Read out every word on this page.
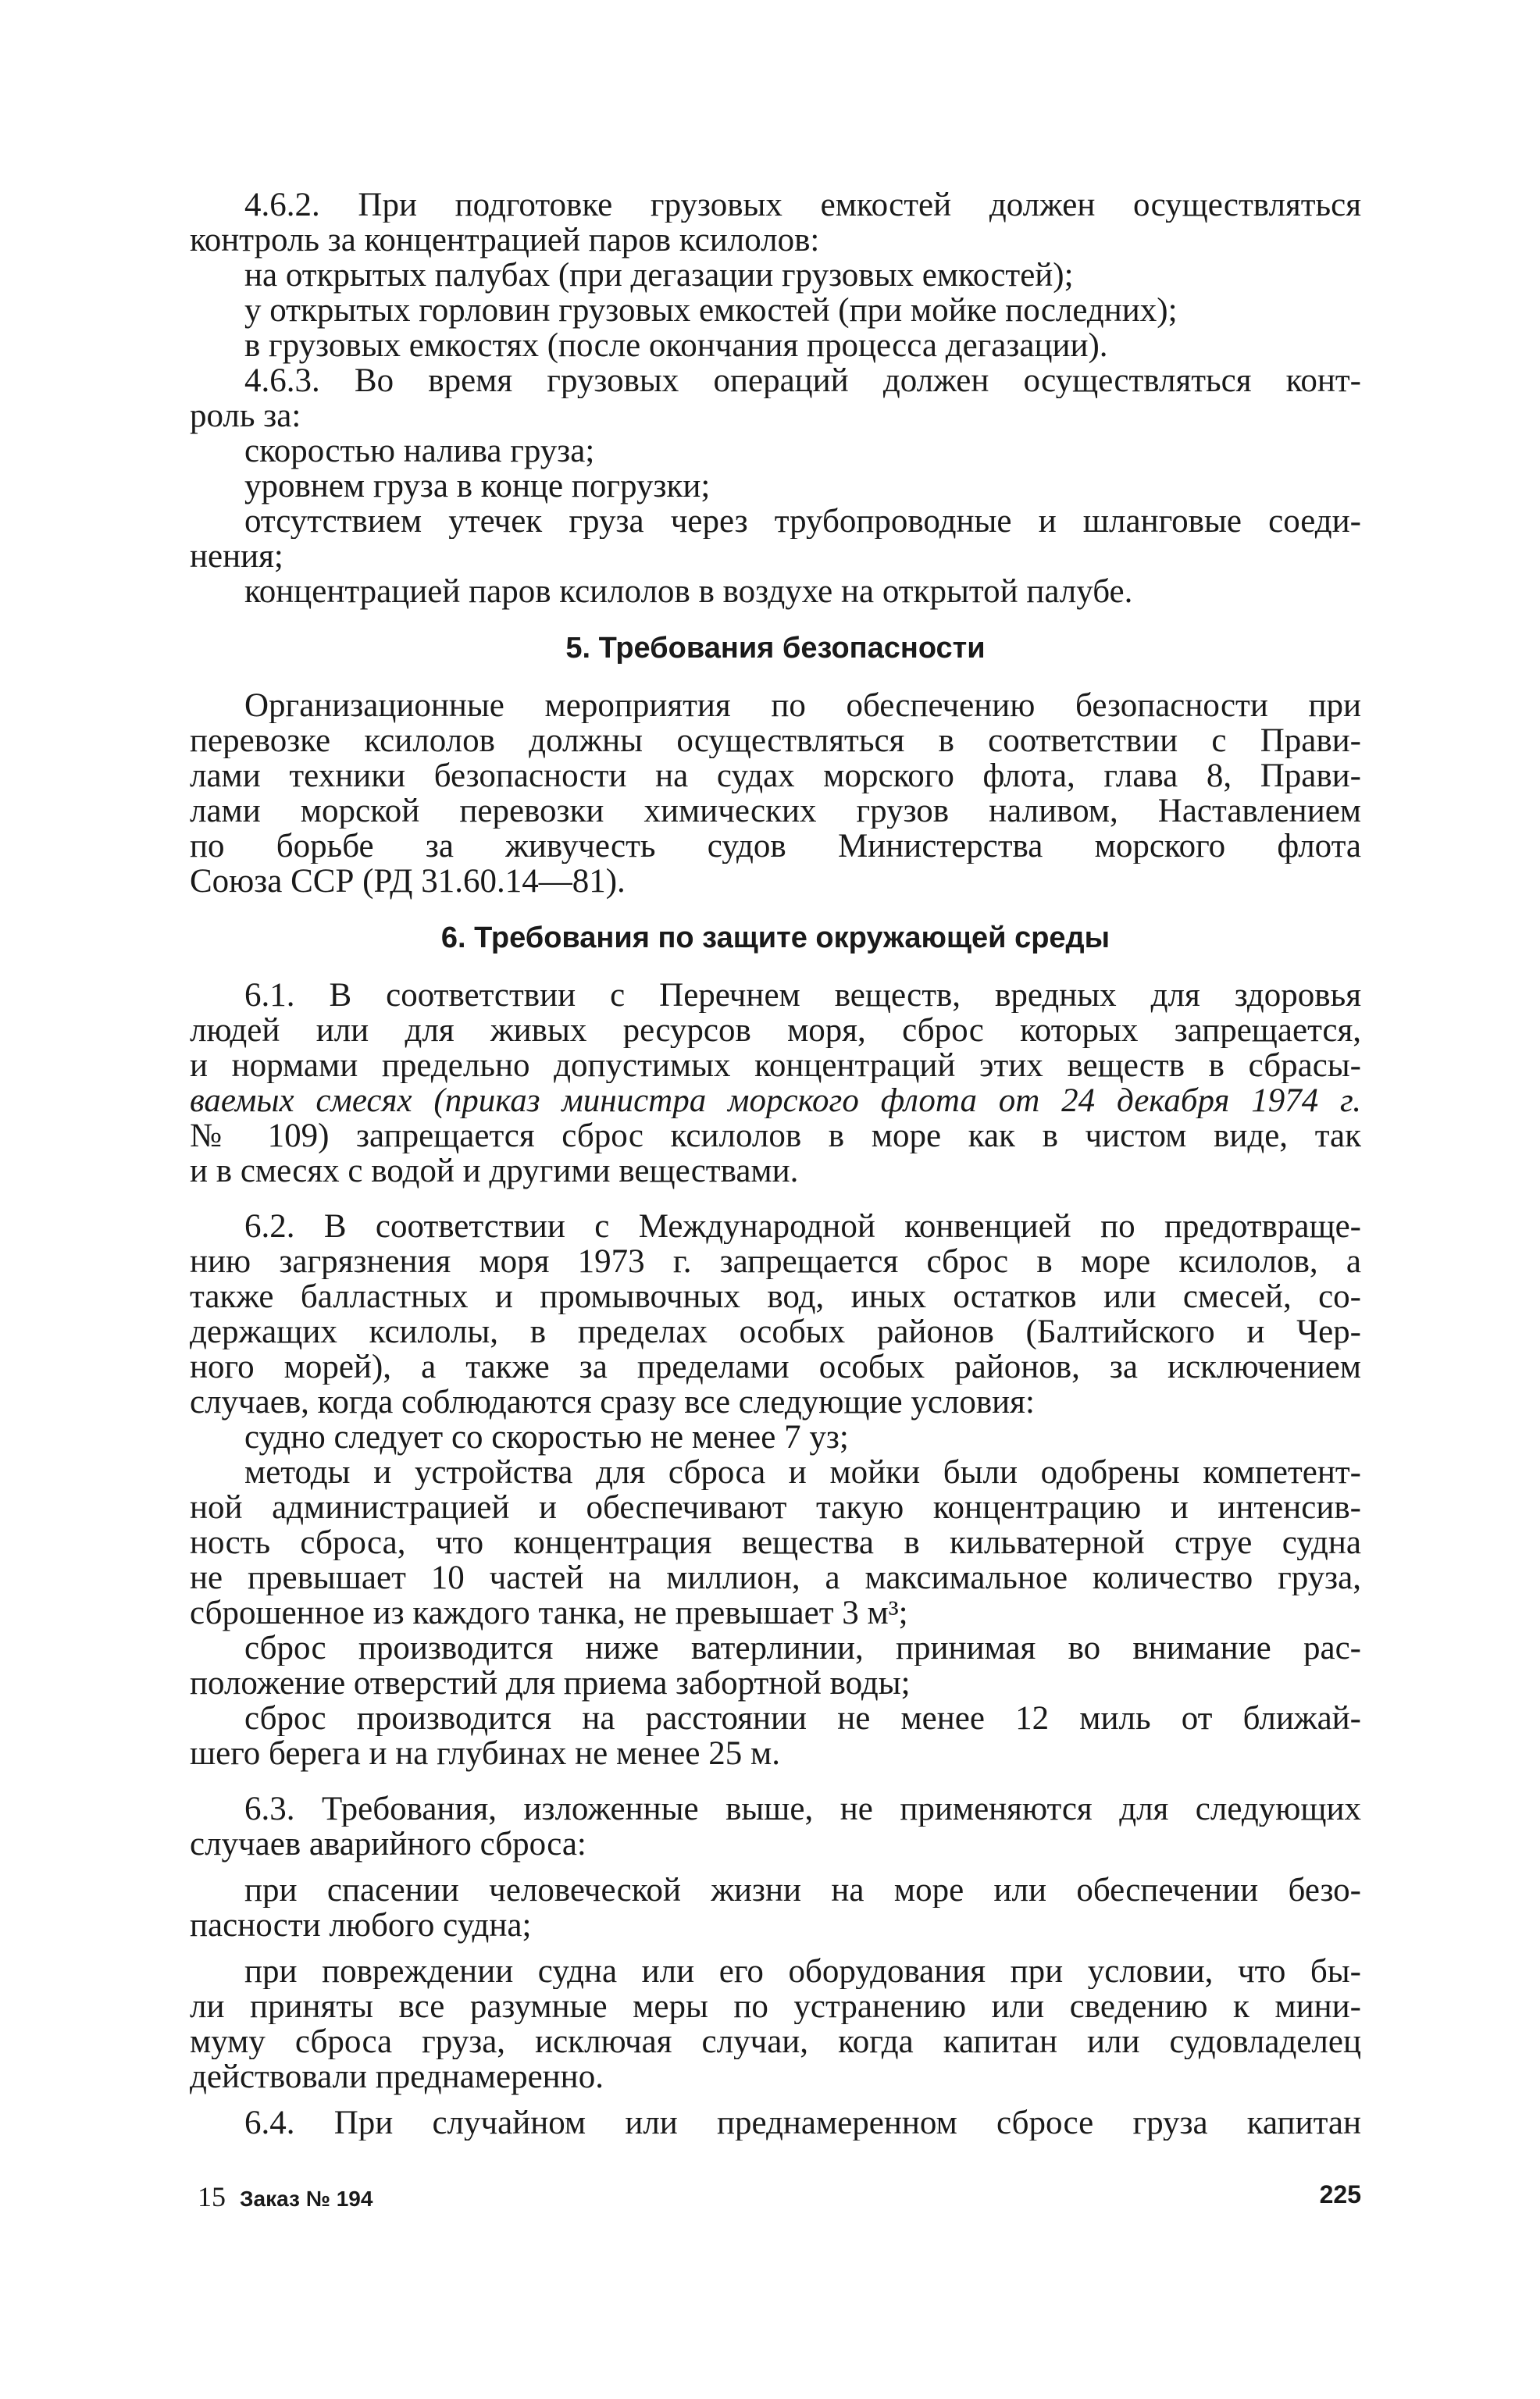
4.6.2. При подготовке грузовых емкостей должен осуществляться
контроль за концентрацией паров ксилолов:
на открытых палубах (при дегазации грузовых емкостей);
у открытых горловин грузовых емкостей (при мойке последних);
в грузовых емкостях (после окончания процесса дегазации).
4.6.3. Во время грузовых операций должен осуществляться конт-
роль за:
скоростью налива груза;
уровнем груза в конце погрузки;
отсутствием утечек груза через трубопроводные и шланговые соеди-
нения;
концентрацией паров ксилолов в воздухе на открытой палубе.
5. Требования безопасности
Организационные мероприятия по обеспечению безопасности при
перевозке ксилолов должны осуществляться в соответствии с Прави-
лами техники безопасности на судах морского флота, глава 8, Прави-
лами морской перевозки химических грузов наливом, Наставлением
по борьбе за живучесть судов Министерства морского флота
Союза ССР (РД 31.60.14—81).
6. Требования по защите окружающей среды
6.1. В соответствии с Перечнем веществ, вредных для здоровья
людей или для живых ресурсов моря, сброс которых запрещается,
и нормами предельно допустимых концентраций этих веществ в сбрасы-
ваемых смесях (приказ министра морского флота от 24 декабря 1974 г.
№ 109) запрещается сброс ксилолов в море как в чистом виде, так
и в смесях с водой и другими веществами.
6.2. В соответствии с Международной конвенцией по предотвраще-
нию загрязнения моря 1973 г. запрещается сброс в море ксилолов, а
также балластных и промывочных вод, иных остатков или смесей, со-
держащих ксилолы, в пределах особых районов (Балтийского и Чер-
ного морей), а также за пределами особых районов, за исключением
случаев, когда соблюдаются сразу все следующие условия:
судно следует со скоростью не менее 7 уз;
методы и устройства для сброса и мойки были одобрены компетент-
ной администрацией и обеспечивают такую концентрацию и интенсив-
ность сброса, что концентрация вещества в кильватерной струе судна
не превышает 10 частей на миллион, а максимальное количество груза,
сброшенное из каждого танка, не превышает 3 м³;
сброс производится ниже ватерлинии, принимая во внимание рас-
положение отверстий для приема забортной воды;
сброс производится на расстоянии не менее 12 миль от ближай-
шего берега и на глубинах не менее 25 м.
6.3. Требования, изложенные выше, не применяются для следующих
случаев аварийного сброса:
при спасении человеческой жизни на море или обеспечении безо-
пасности любого судна;
при повреждении судна или его оборудования при условии, что бы-
ли приняты все разумные меры по устранению или сведению к мини-
муму сброса груза, исключая случаи, когда капитан или судовладелец
действовали преднамеренно.
6.4. При случайном или преднамеренном сбросе груза капитан
15 Заказ № 194	225
